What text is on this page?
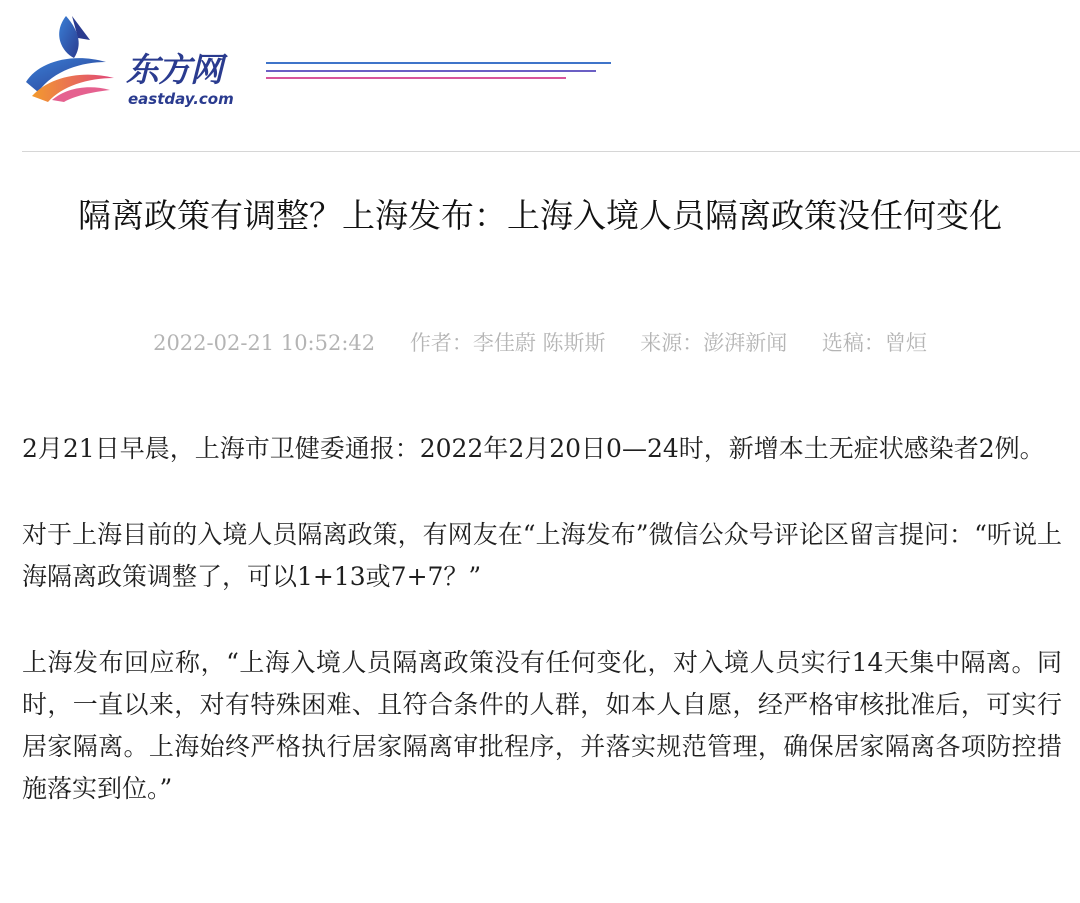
东方网
eastday.com
隔离政策有调整？上海发布：上海入境人员隔离政策没任何变化
2022-02-21 10:52:42 作者：李佳蔚 陈斯斯 来源：澎湃新闻 选稿：曾烜

2月21日早晨，上海市卫健委通报：2022年2月20日0—24时，新增本土无症状感染者2例。

对于上海目前的入境人员隔离政策，有网友在“上海发布”微信公众号评论区留言提问：“听说上海隔离政策调整了，可以1+13或7+7？”

上海发布回应称，“上海入境人员隔离政策没有任何变化，对入境人员实行14天集中隔离。同时，一直以来，对有特殊困难、且符合条件的人群，如本人自愿，经严格审核批准后，可实行居家隔离。上海始终严格执行居家隔离审批程序，并落实规范管理，确保居家隔离各项防控措施落实到位。”
